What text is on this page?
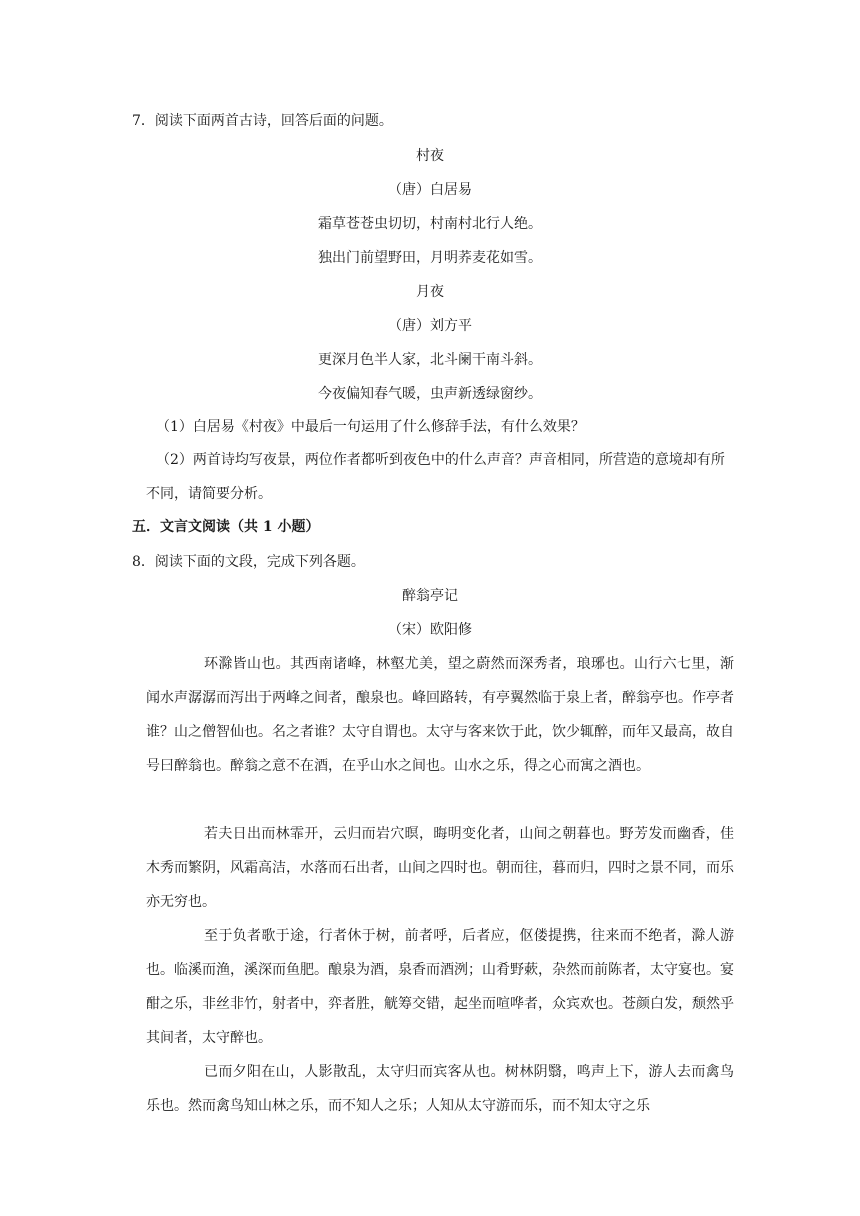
7．阅读下面两首古诗，回答后面的问题。
村夜
（唐）白居易
霜草苍苍虫切切，村南村北行人绝。
独出门前望野田，月明荞麦花如雪。
月夜
（唐）刘方平
更深月色半人家，北斗阑干南斗斜。
今夜偏知春气暖，虫声新透绿窗纱。
（1）白居易《村夜》中最后一句运用了什么修辞手法，有什么效果？
（2）两首诗均写夜景，两位作者都听到夜色中的什么声音？声音相同，所营造的意境却有所不同，请简要分析。
五．文言文阅读（共 1 小题）
8．阅读下面的文段，完成下列各题。
醉翁亭记
（宋）欧阳修
环滁皆山也。其西南诸峰，林壑尤美，望之蔚然而深秀者，琅琊也。山行六七里，渐闻水声潺潺而泻出于两峰之间者，酿泉也。峰回路转，有亭翼然临于泉上者，醉翁亭也。作亭者谁？山之僧智仙也。名之者谁？太守自谓也。太守与客来饮于此，饮少辄醉，而年又最高，故自号曰醉翁也。醉翁之意不在酒，在乎山水之间也。山水之乐，得之心而寓之酒也。
若夫日出而林霏开，云归而岩穴暝，晦明变化者，山间之朝暮也。野芳发而幽香，佳木秀而繁阴，风霜高洁，水落而石出者，山间之四时也。朝而往，暮而归，四时之景不同，而乐亦无穷也。
至于负者歌于途，行者休于树，前者呼，后者应，伛偻提携，往来而不绝者，滁人游也。临溪而渔，溪深而鱼肥。酿泉为酒，泉香而酒洌；山肴野蔌，杂然而前陈者，太守宴也。宴酣之乐，非丝非竹，射者中，弈者胜，觥筹交错，起坐而喧哗者，众宾欢也。苍颜白发，颓然乎其间者，太守醉也。
已而夕阳在山，人影散乱，太守归而宾客从也。树林阴翳，鸣声上下，游人去而禽鸟乐也。然而禽鸟知山林之乐，而不知人之乐；人知从太守游而乐，而不知太守之乐
